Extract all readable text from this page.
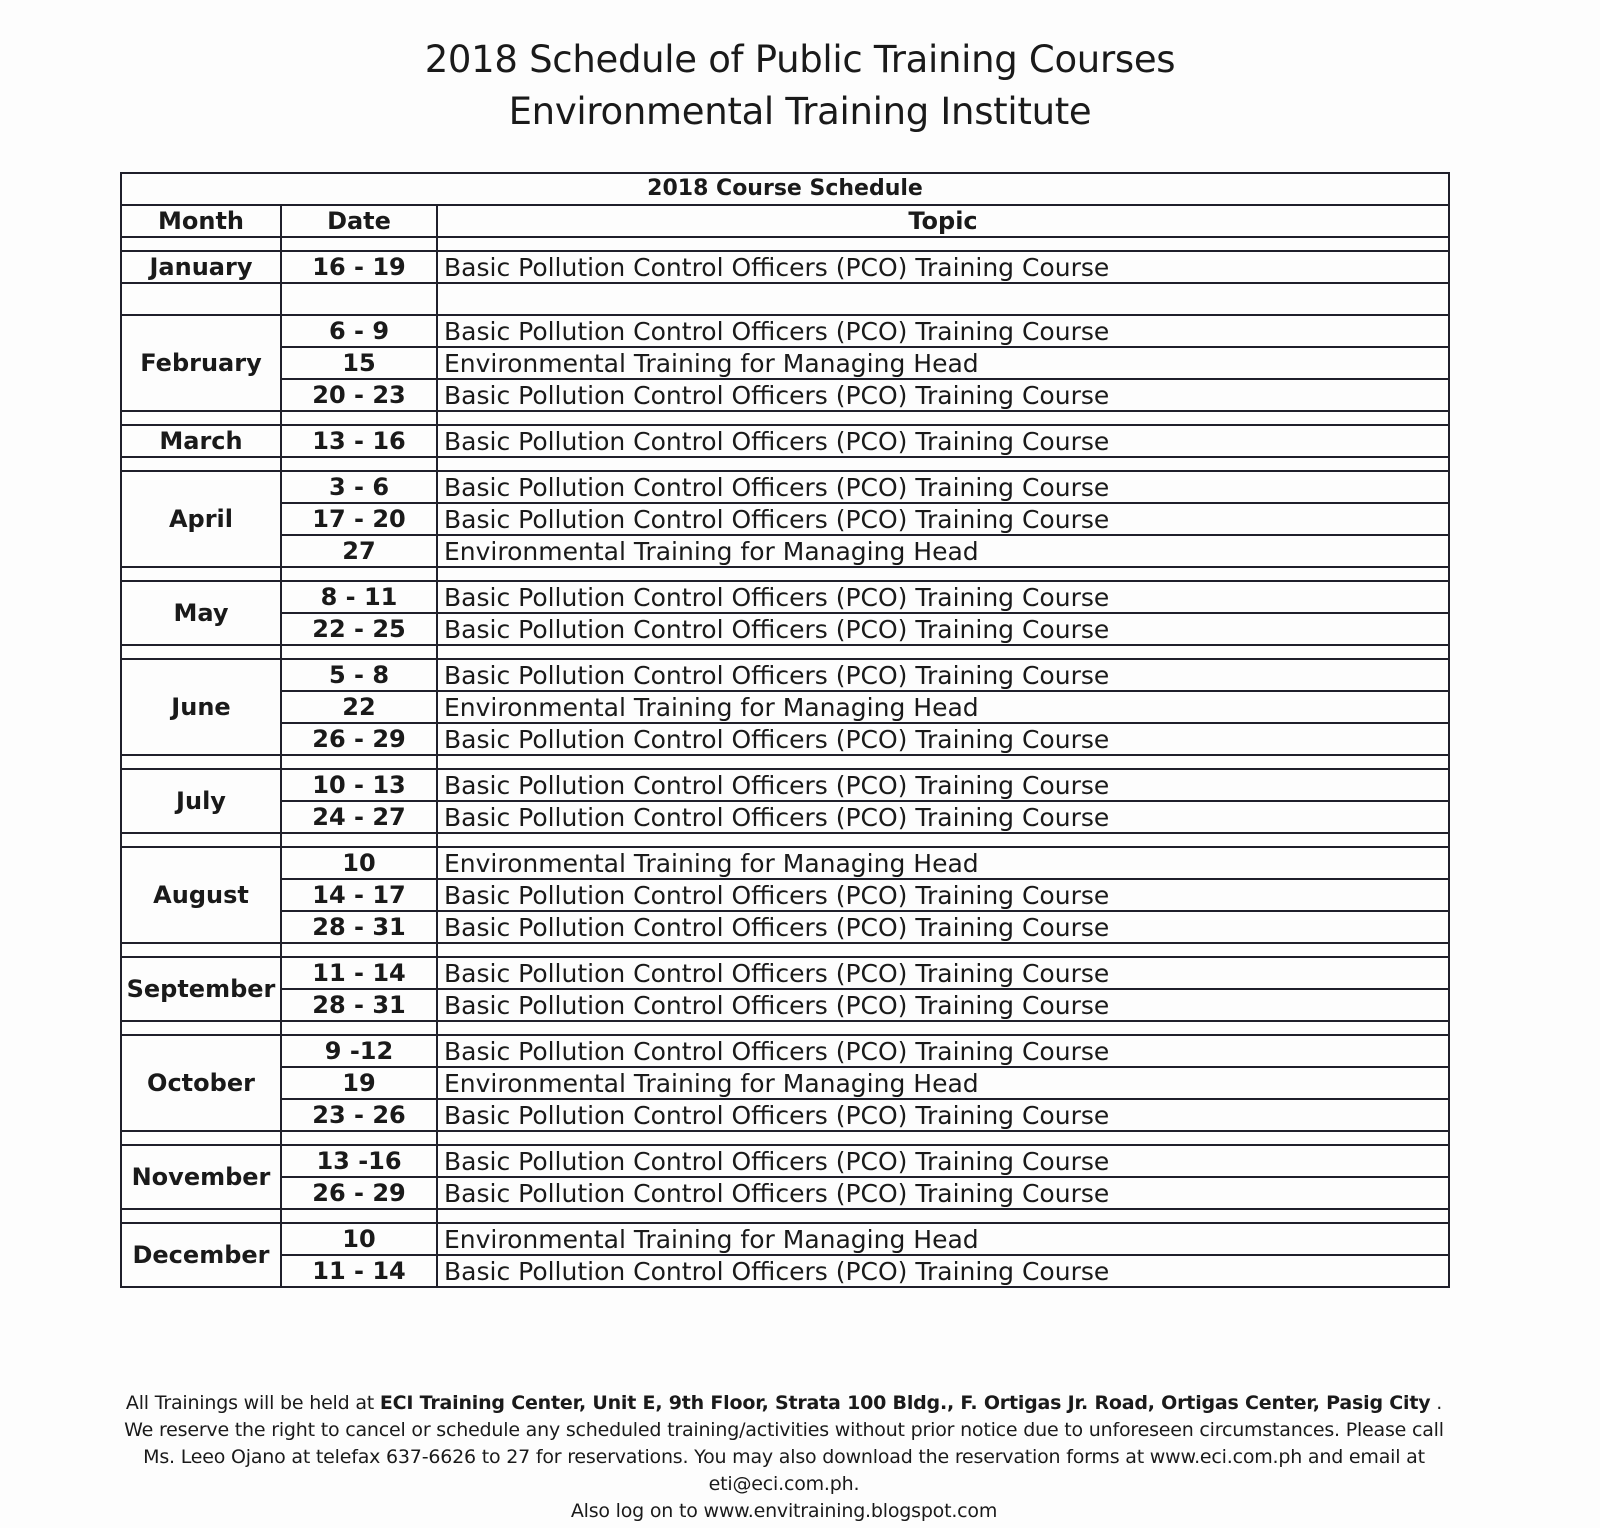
2018 Schedule of Public Training Courses
Environmental Training Institute
2018 Course Schedule		
Month	Date	Topic

January	16 - 19	Basic Pollution Control Officers (PCO) Training Course

February	6 - 9	Basic Pollution Control Officers (PCO) Training Course
	15	Environmental Training for Managing Head
	20 - 23	Basic Pollution Control Officers (PCO) Training Course

March	13 - 16	Basic Pollution Control Officers (PCO) Training Course

April	3 - 6	Basic Pollution Control Officers (PCO) Training Course
	17 - 20	Basic Pollution Control Officers (PCO) Training Course
	27	Environmental Training for Managing Head

May	8 - 11	Basic Pollution Control Officers (PCO) Training Course
	22 - 25	Basic Pollution Control Officers (PCO) Training Course

June	5 - 8	Basic Pollution Control Officers (PCO) Training Course
	22	Environmental Training for Managing Head
	26 - 29	Basic Pollution Control Officers (PCO) Training Course

July	10 - 13	Basic Pollution Control Officers (PCO) Training Course
	24 - 27	Basic Pollution Control Officers (PCO) Training Course

August	10	Environmental Training for Managing Head
	14 - 17	Basic Pollution Control Officers (PCO) Training Course
	28 - 31	Basic Pollution Control Officers (PCO) Training Course

September	11 - 14	Basic Pollution Control Officers (PCO) Training Course
	28 - 31	Basic Pollution Control Officers (PCO) Training Course

October	9 -12	Basic Pollution Control Officers (PCO) Training Course
	19	Environmental Training for Managing Head
	23 - 26	Basic Pollution Control Officers (PCO) Training Course

November	13 -16	Basic Pollution Control Officers (PCO) Training Course
	26 - 29	Basic Pollution Control Officers (PCO) Training Course

December	10	Environmental Training for Managing Head
	11 - 14	Basic Pollution Control Officers (PCO) Training Course
All Trainings will be held at ECI Training Center, Unit E, 9th Floor, Strata 100 Bldg., F. Ortigas Jr. Road, Ortigas Center, Pasig City . We reserve the right to cancel or schedule any scheduled training/activities without prior notice due to unforeseen circumstances. Please call Ms. Leeo Ojano at telefax 637-6626 to 27 for reservations. You may also download the reservation forms at www.eci.com.ph and email at eti@eci.com.ph.
Also log on to www.envitraining.blogspot.com
